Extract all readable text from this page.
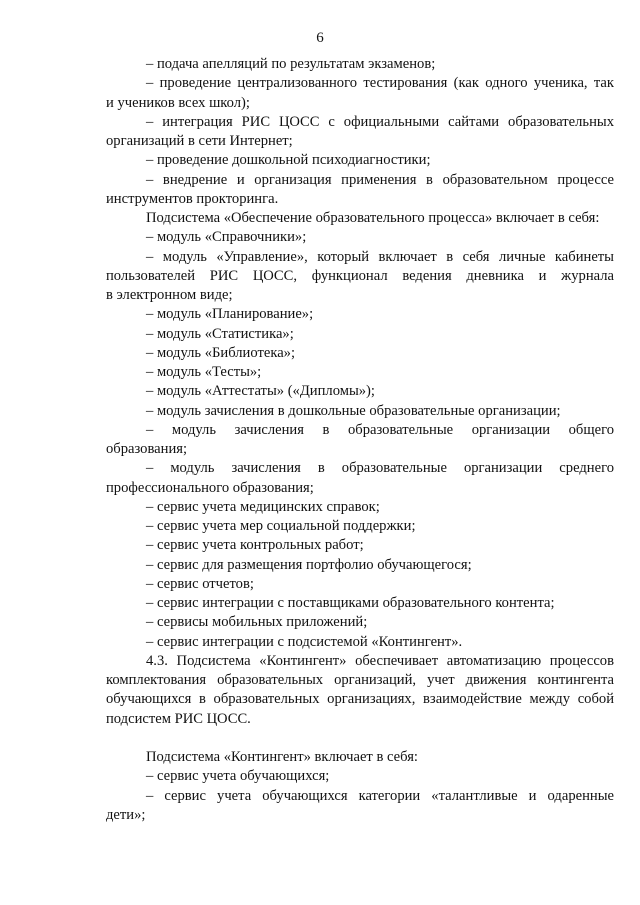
6
– подача апелляций по результатам экзаменов;
– проведение централизованного тестирования (как одного ученика, так
и учеников всех школ);
– интеграция РИС ЦОСС с официальными сайтами образовательных
организаций в сети Интернет;
– проведение дошкольной психодиагностики;
– внедрение и организация применения в образовательном процессе
инструментов прокторинга.
Подсистема «Обеспечение образовательного процесса» включает в себя:
– модуль «Справочники»;
– модуль «Управление», который включает в себя личные кабинеты
пользователей РИС ЦОСС, функционал ведения дневника и журнала
в электронном виде;
– модуль «Планирование»;
– модуль «Статистика»;
– модуль «Библиотека»;
– модуль «Тесты»;
– модуль «Аттестаты» («Дипломы»);
– модуль зачисления в дошкольные образовательные организации;
– модуль зачисления в образовательные организации общего
образования;
– модуль зачисления в образовательные организации среднего
профессионального образования;
– сервис учета медицинских справок;
– сервис учета мер социальной поддержки;
– сервис учета контрольных работ;
– сервис для размещения портфолио обучающегося;
– сервис отчетов;
– сервис интеграции с поставщиками образовательного контента;
– сервисы мобильных приложений;
– сервис интеграции с подсистемой «Контингент».
4.3. Подсистема «Контингент» обеспечивает автоматизацию процессов
комплектования образовательных организаций, учет движения контингента
обучающихся в образовательных организациях, взаимодействие между собой
подсистем РИС ЦОСС.
Подсистема «Контингент» включает в себя:
– сервис учета обучающихся;
– сервис учета обучающихся категории «талантливые и одаренные
дети»;
